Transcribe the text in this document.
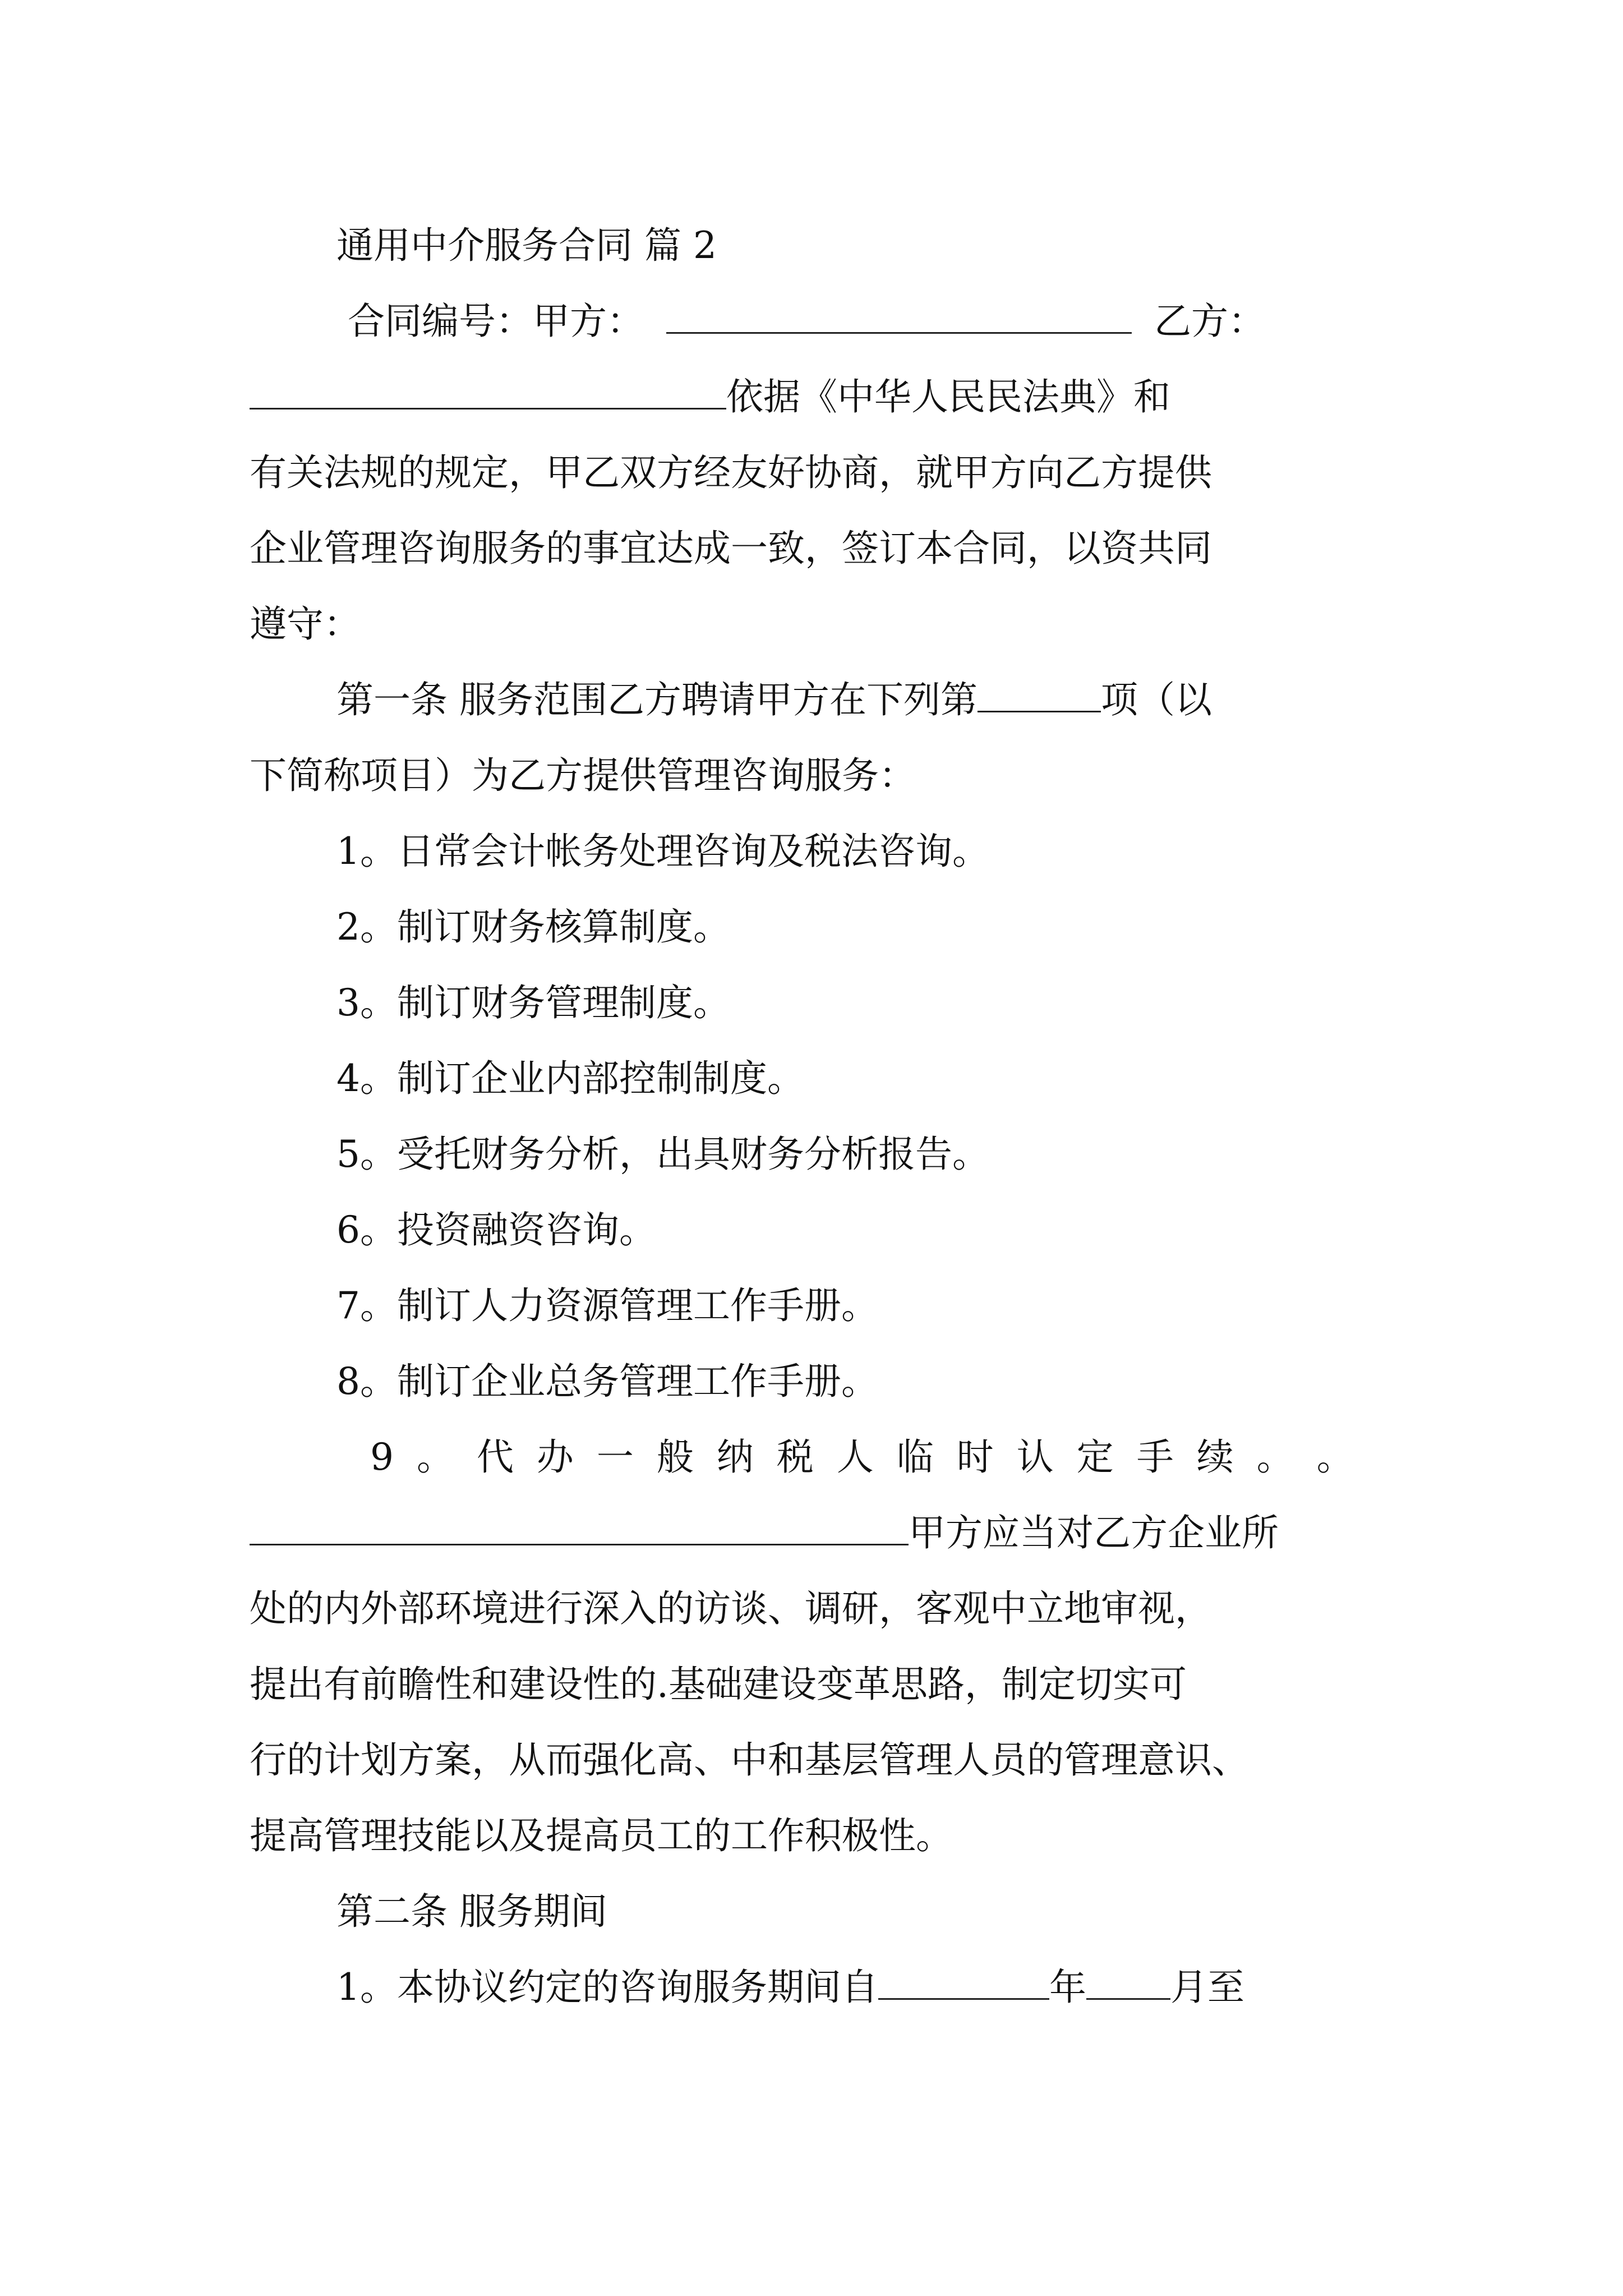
通用中介服务合同 篇 2
合同编号：甲方：	乙方：
依据《中华人民民法典》和
有关法规的规定，甲乙双方经友好协商，就甲方向乙方提供
企业管理咨询服务的事宜达成一致，签订本合同，以资共同
遵守：
第一条 服务范围乙方聘请甲方在下列第	项（以
下简称项目）为乙方提供管理咨询服务：
1。日常会计帐务处理咨询及税法咨询。
2。制订财务核算制度。
3。制订财务管理制度。
4。制订企业内部控制制度。
5。受托财务分析，出具财务分析报告。
6。投资融资咨询。
7。制订人力资源管理工作手册。
8。制订企业总务管理工作手册。
9 。 代 办 一 般 纳 税 人 临 时 认 定 手 续 。 。
甲方应当对乙方企业所
处的内外部环境进行深入的访谈、调研，客观中立地审视，
提出有前瞻性和建设性的.基础建设变革思路，制定切实可
行的计划方案，从而强化高、中和基层管理人员的管理意识、
提高管理技能以及提高员工的工作积极性。
第二条 服务期间
1。本协议约定的咨询服务期间自	年 月至
